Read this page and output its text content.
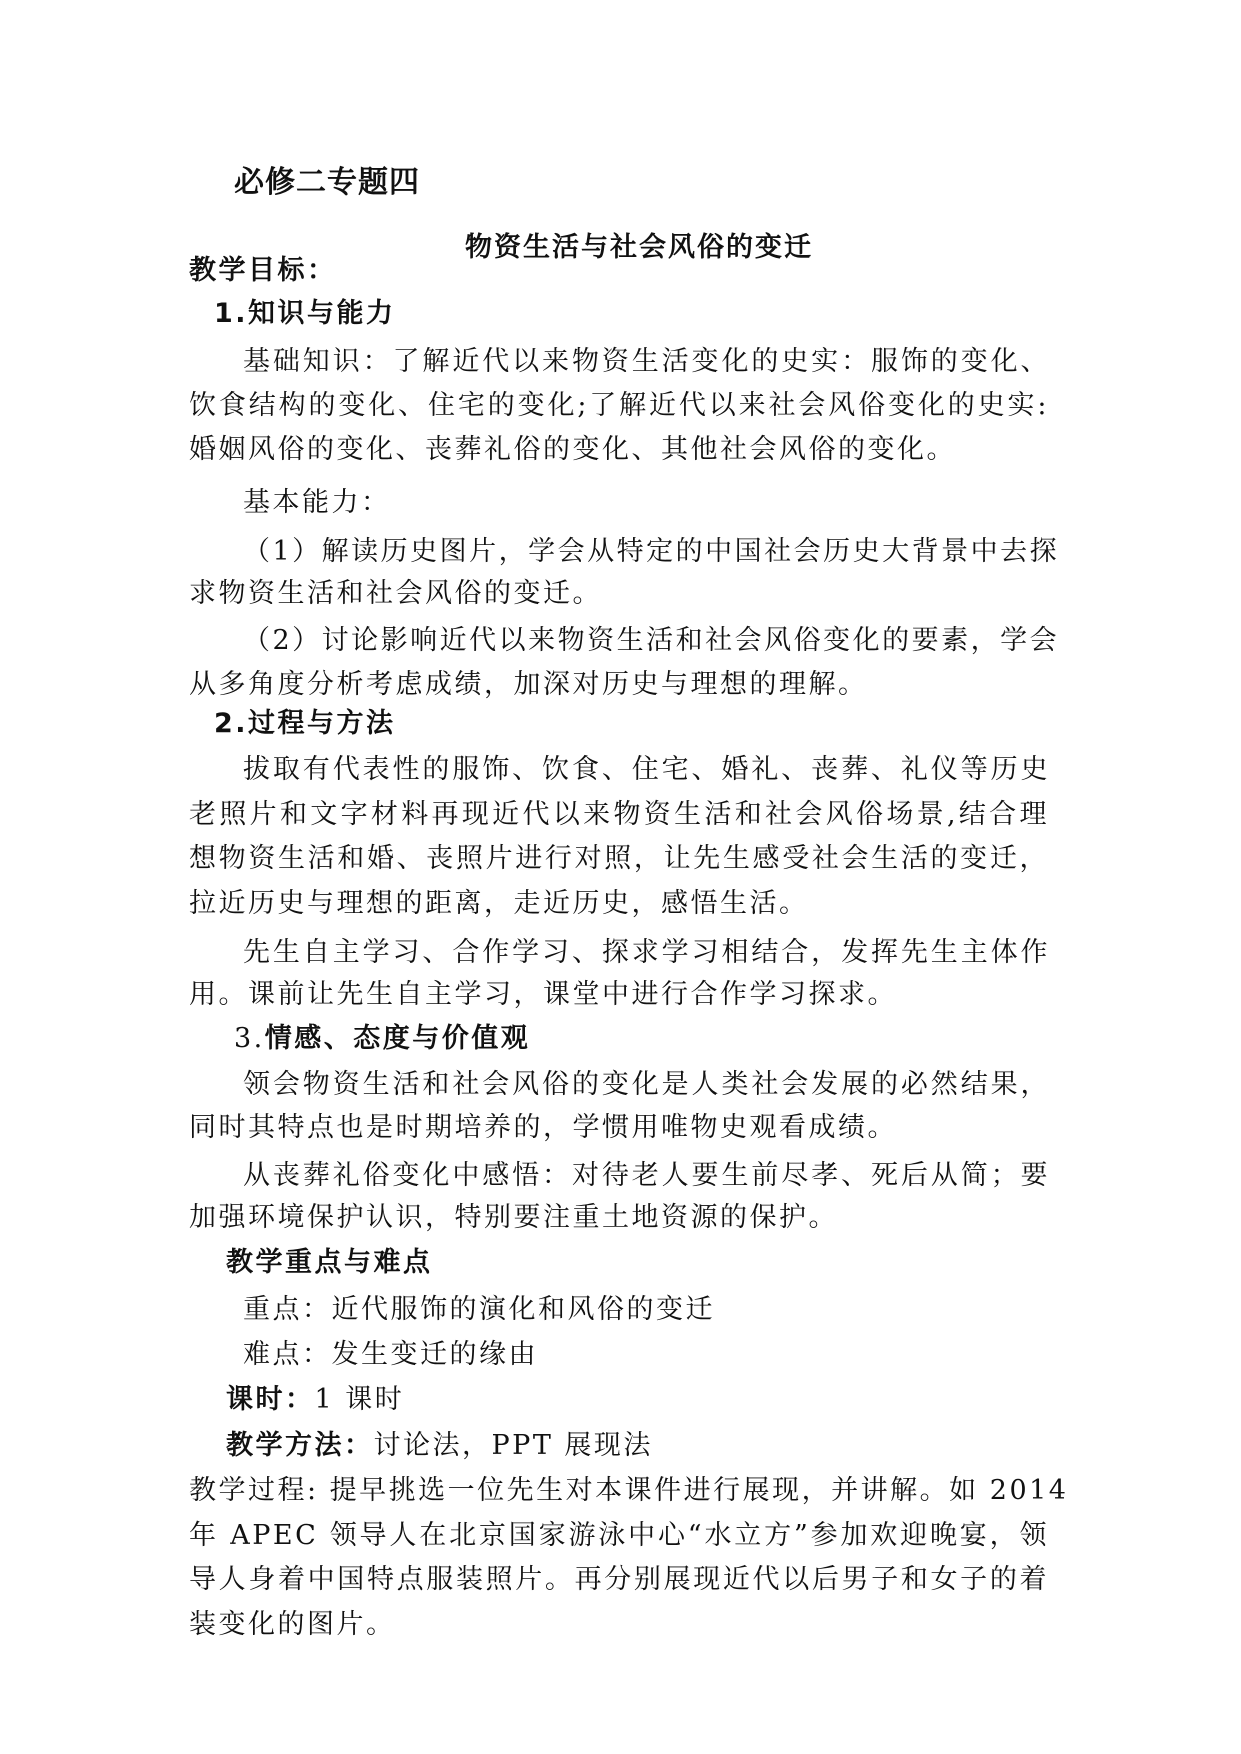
必修二专题四
物资生活与社会风俗的变迁
教学目标：
1.知识与能力
基础知识：了解近代以来物资生活变化的史实：服饰的变化、
饮食结构的变化、住宅的变化;了解近代以来社会风俗变化的史实:
婚姻风俗的变化、丧葬礼俗的变化、其他社会风俗的变化。
基本能力：
（1）解读历史图片，学会从特定的中国社会历史大背景中去探
求物资生活和社会风俗的变迁。
（2）讨论影响近代以来物资生活和社会风俗变化的要素，学会
从多角度分析考虑成绩，加深对历史与理想的理解。
2.过程与方法
拔取有代表性的服饰、饮食、住宅、婚礼、丧葬、礼仪等历史
老照片和文字材料再现近代以来物资生活和社会风俗场景,结合理
想物资生活和婚、丧照片进行对照，让先生感受社会生活的变迁，
拉近历史与理想的距离，走近历史，感悟生活。
先生自主学习、合作学习、探求学习相结合，发挥先生主体作
用。课前让先生自主学习，课堂中进行合作学习探求。
3.情感、态度与价值观
领会物资生活和社会风俗的变化是人类社会发展的必然结果，
同时其特点也是时期培养的，学惯用唯物史观看成绩。
从丧葬礼俗变化中感悟：对待老人要生前尽孝、死后从简；要
加强环境保护认识，特别要注重土地资源的保护。
教学重点与难点
重点：近代服饰的演化和风俗的变迁
难点：发生变迁的缘由
课时：1 课时
教学方法：讨论法，PPT 展现法
教学过程: 提早挑选一位先生对本课件进行展现，并讲解。如 2014
年 APEC 领导人在北京国家游泳中心“水立方”参加欢迎晚宴，领
导人身着中国特点服装照片。再分别展现近代以后男子和女子的着
装变化的图片。
